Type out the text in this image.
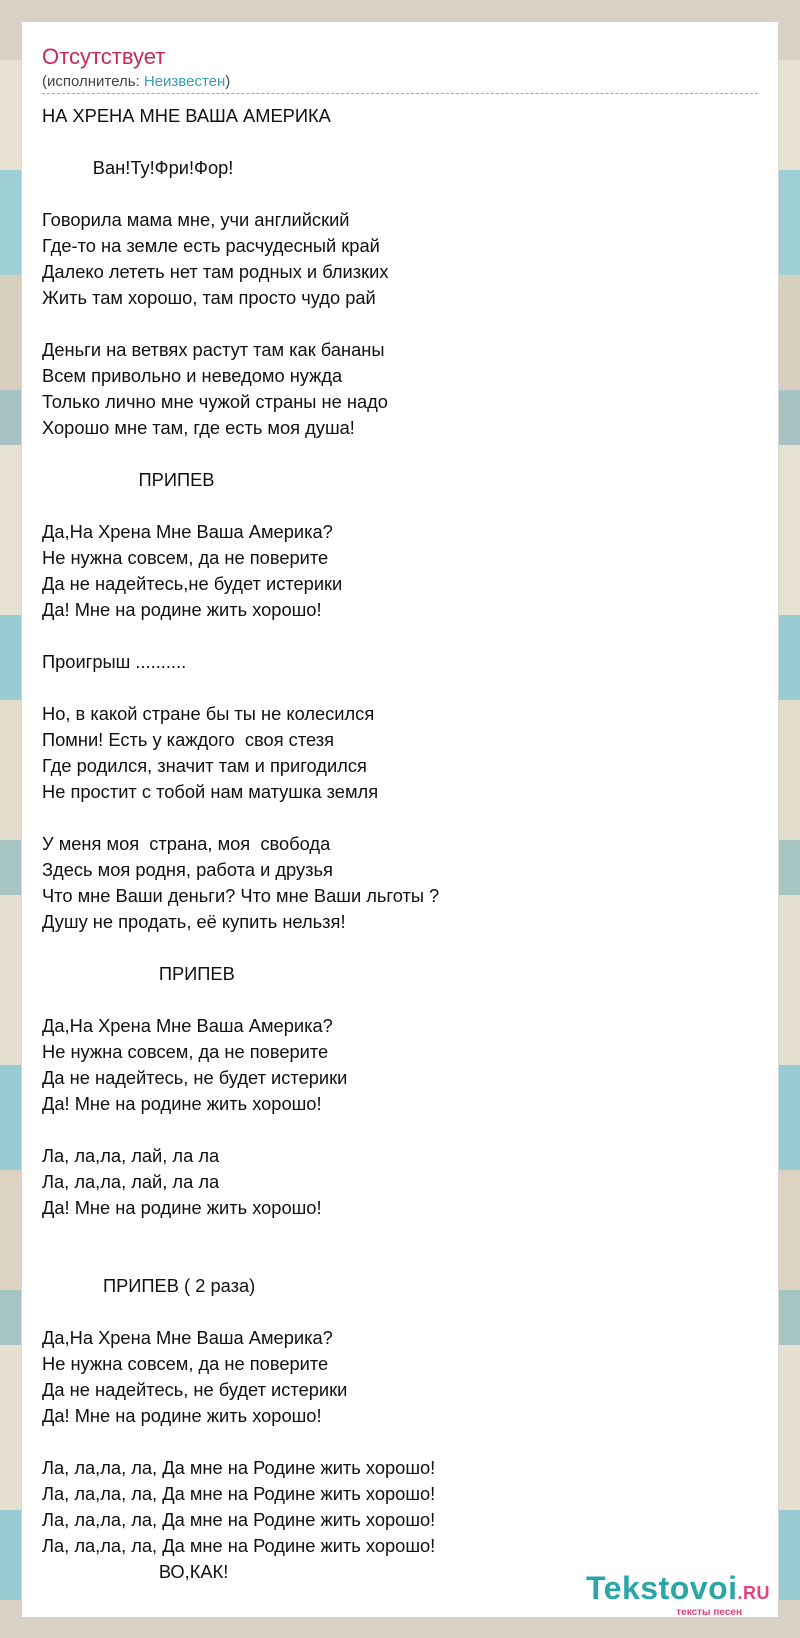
Отсутствует
(исполнитель: Неизвестен)
НА ХРЕНА МНЕ ВАША АМЕРИКА

Ван!Ту!Фри!Фор!

Говорила мама мне, учи английский
Где-то на земле есть расчудесный край
Далеко лететь нет там родных и близких
Жить там хорошо, там просто чудо рай

Деньги на ветвях растут там как бананы
Всем привольно и неведомо нужда
Только лично мне чужой страны не надо
Хорошо мне там, где есть моя душа!

ПРИПЕВ

Да,На Хрена Мне Ваша Америка?
Не нужна совсем, да не поверите
Да не надейтесь,не будет истерики
Да! Мне на родине жить хорошо!

Проигрыш ..........

Но, в какой стране бы ты не колесился
Помни! Есть у каждого  своя стезя
Где родился, значит там и пригодился
Не простит с тобой нам матушка земля

У меня моя  страна, моя  свобода
Здесь моя родня, работа и друзья
Что мне Ваши деньги? Что мне Ваши льготы ?
Душу не продать, её купить нельзя!

ПРИПЕВ

Да,На Хрена Мне Ваша Америка?
Не нужна совсем, да не поверите
Да не надейтесь, не будет истерики
Да! Мне на родине жить хорошо!

Ла, ла,ла, лай, ла ла
Ла, ла,ла, лай, ла ла
Да! Мне на родине жить хорошо!

ПРИПЕВ ( 2 раза)

Да,На Хрена Мне Ваша Америка?
Не нужна совсем, да не поверите
Да не надейтесь, не будет истерики
Да! Мне на родине жить хорошо!

Ла, ла,ла, ла, Да мне на Родине жить хорошо!
Ла, ла,ла, ла, Да мне на Родине жить хорошо!
Ла, ла,ла, ла, Да мне на Родине жить хорошо!
Ла, ла,ла, ла, Да мне на Родине жить хорошо!
ВО,КАК!	Tekstovoi.RU
тексты песен
